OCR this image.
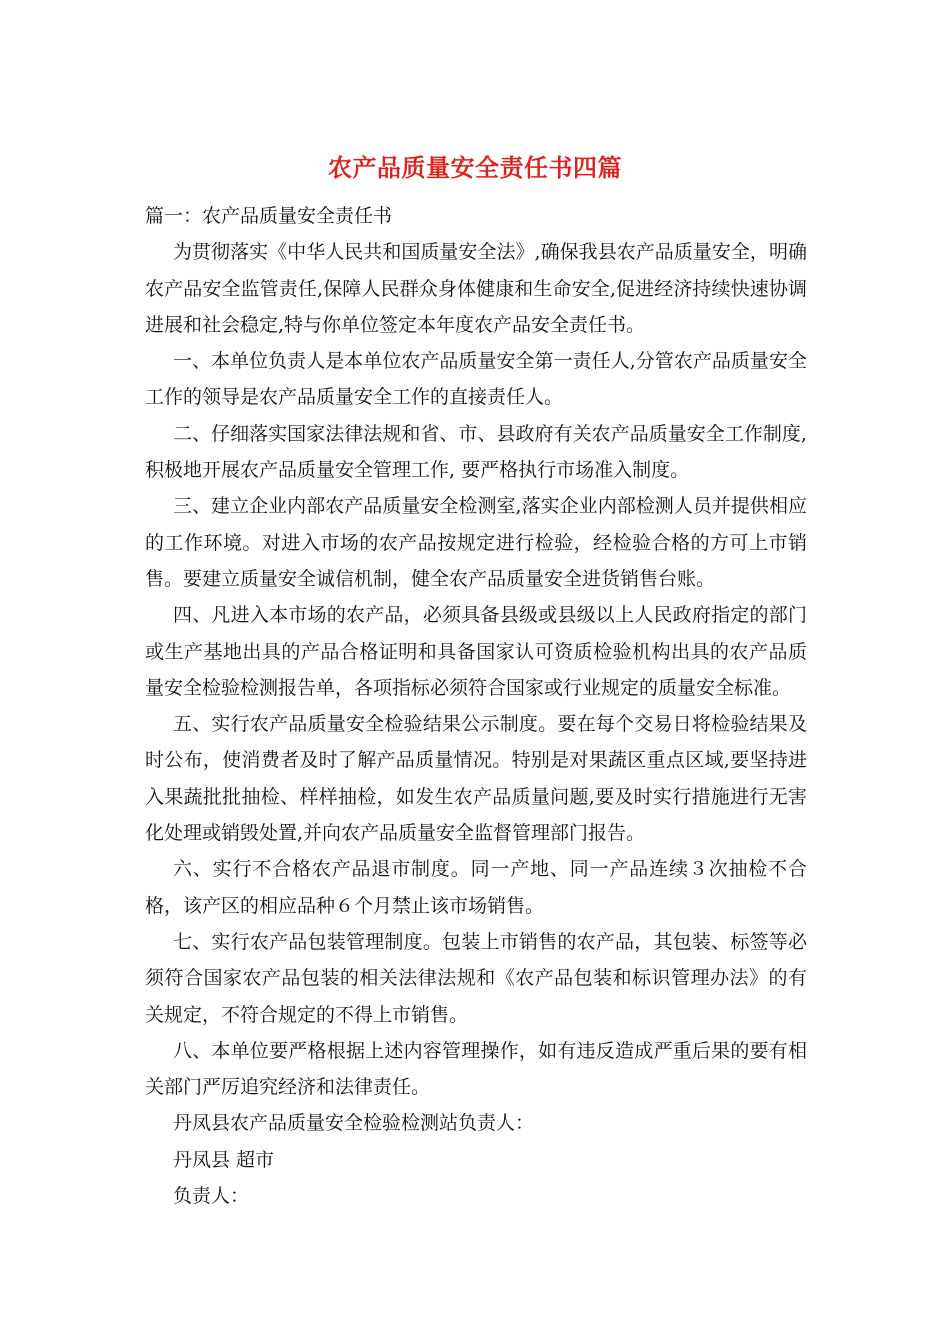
农产品质量安全责任书四篇

篇一：农产品质量安全责任书

为贯彻落实《中华人民共和国质量安全法》,确保我县农产品质量安全，明确农产品安全监管责任,保障人民群众身体健康和生命安全,促进经济持续快速协调进展和社会稳定,特与你单位签定本年度农产品安全责任书。

一、本单位负责人是本单位农产品质量安全第一责任人,分管农产品质量安全工作的领导是农产品质量安全工作的直接责任人。

二、仔细落实国家法律法规和省、市、县政府有关农产品质量安全工作制度,积极地开展农产品质量安全管理工作, 要严格执行市场准入制度。

三、建立企业内部农产品质量安全检测室,落实企业内部检测人员并提供相应的工作环境。对进入市场的农产品按规定进行检验，经检验合格的方可上市销售。要建立质量安全诚信机制，健全农产品质量安全进货销售台账。

四、凡进入本市场的农产品，必须具备县级或县级以上人民政府指定的部门或生产基地出具的产品合格证明和具备国家认可资质检验机构出具的农产品质量安全检验检测报告单，各项指标必须符合国家或行业规定的质量安全标准。

五、实行农产品质量安全检验结果公示制度。要在每个交易日将检验结果及时公布，使消费者及时了解产品质量情况。特别是对果蔬区重点区域,要坚持进入果蔬批批抽检、样样抽检，如发生农产品质量问题,要及时实行措施进行无害化处理或销毁处置,并向农产品质量安全监督管理部门报告。

六、实行不合格农产品退市制度。同一产地、同一产品连续３次抽检不合格，该产区的相应品种６个月禁止该市场销售。

七、实行农产品包装管理制度。包装上市销售的农产品，其包装、标签等必须符合国家农产品包装的相关法律法规和《农产品包装和标识管理办法》的有关规定，不符合规定的不得上市销售。

八、本单位要严格根据上述内容管理操作，如有违反造成严重后果的要有相关部门严厉追究经济和法律责任。

丹凤县农产品质量安全检验检测站负责人：

丹凤县 超市

负责人：
